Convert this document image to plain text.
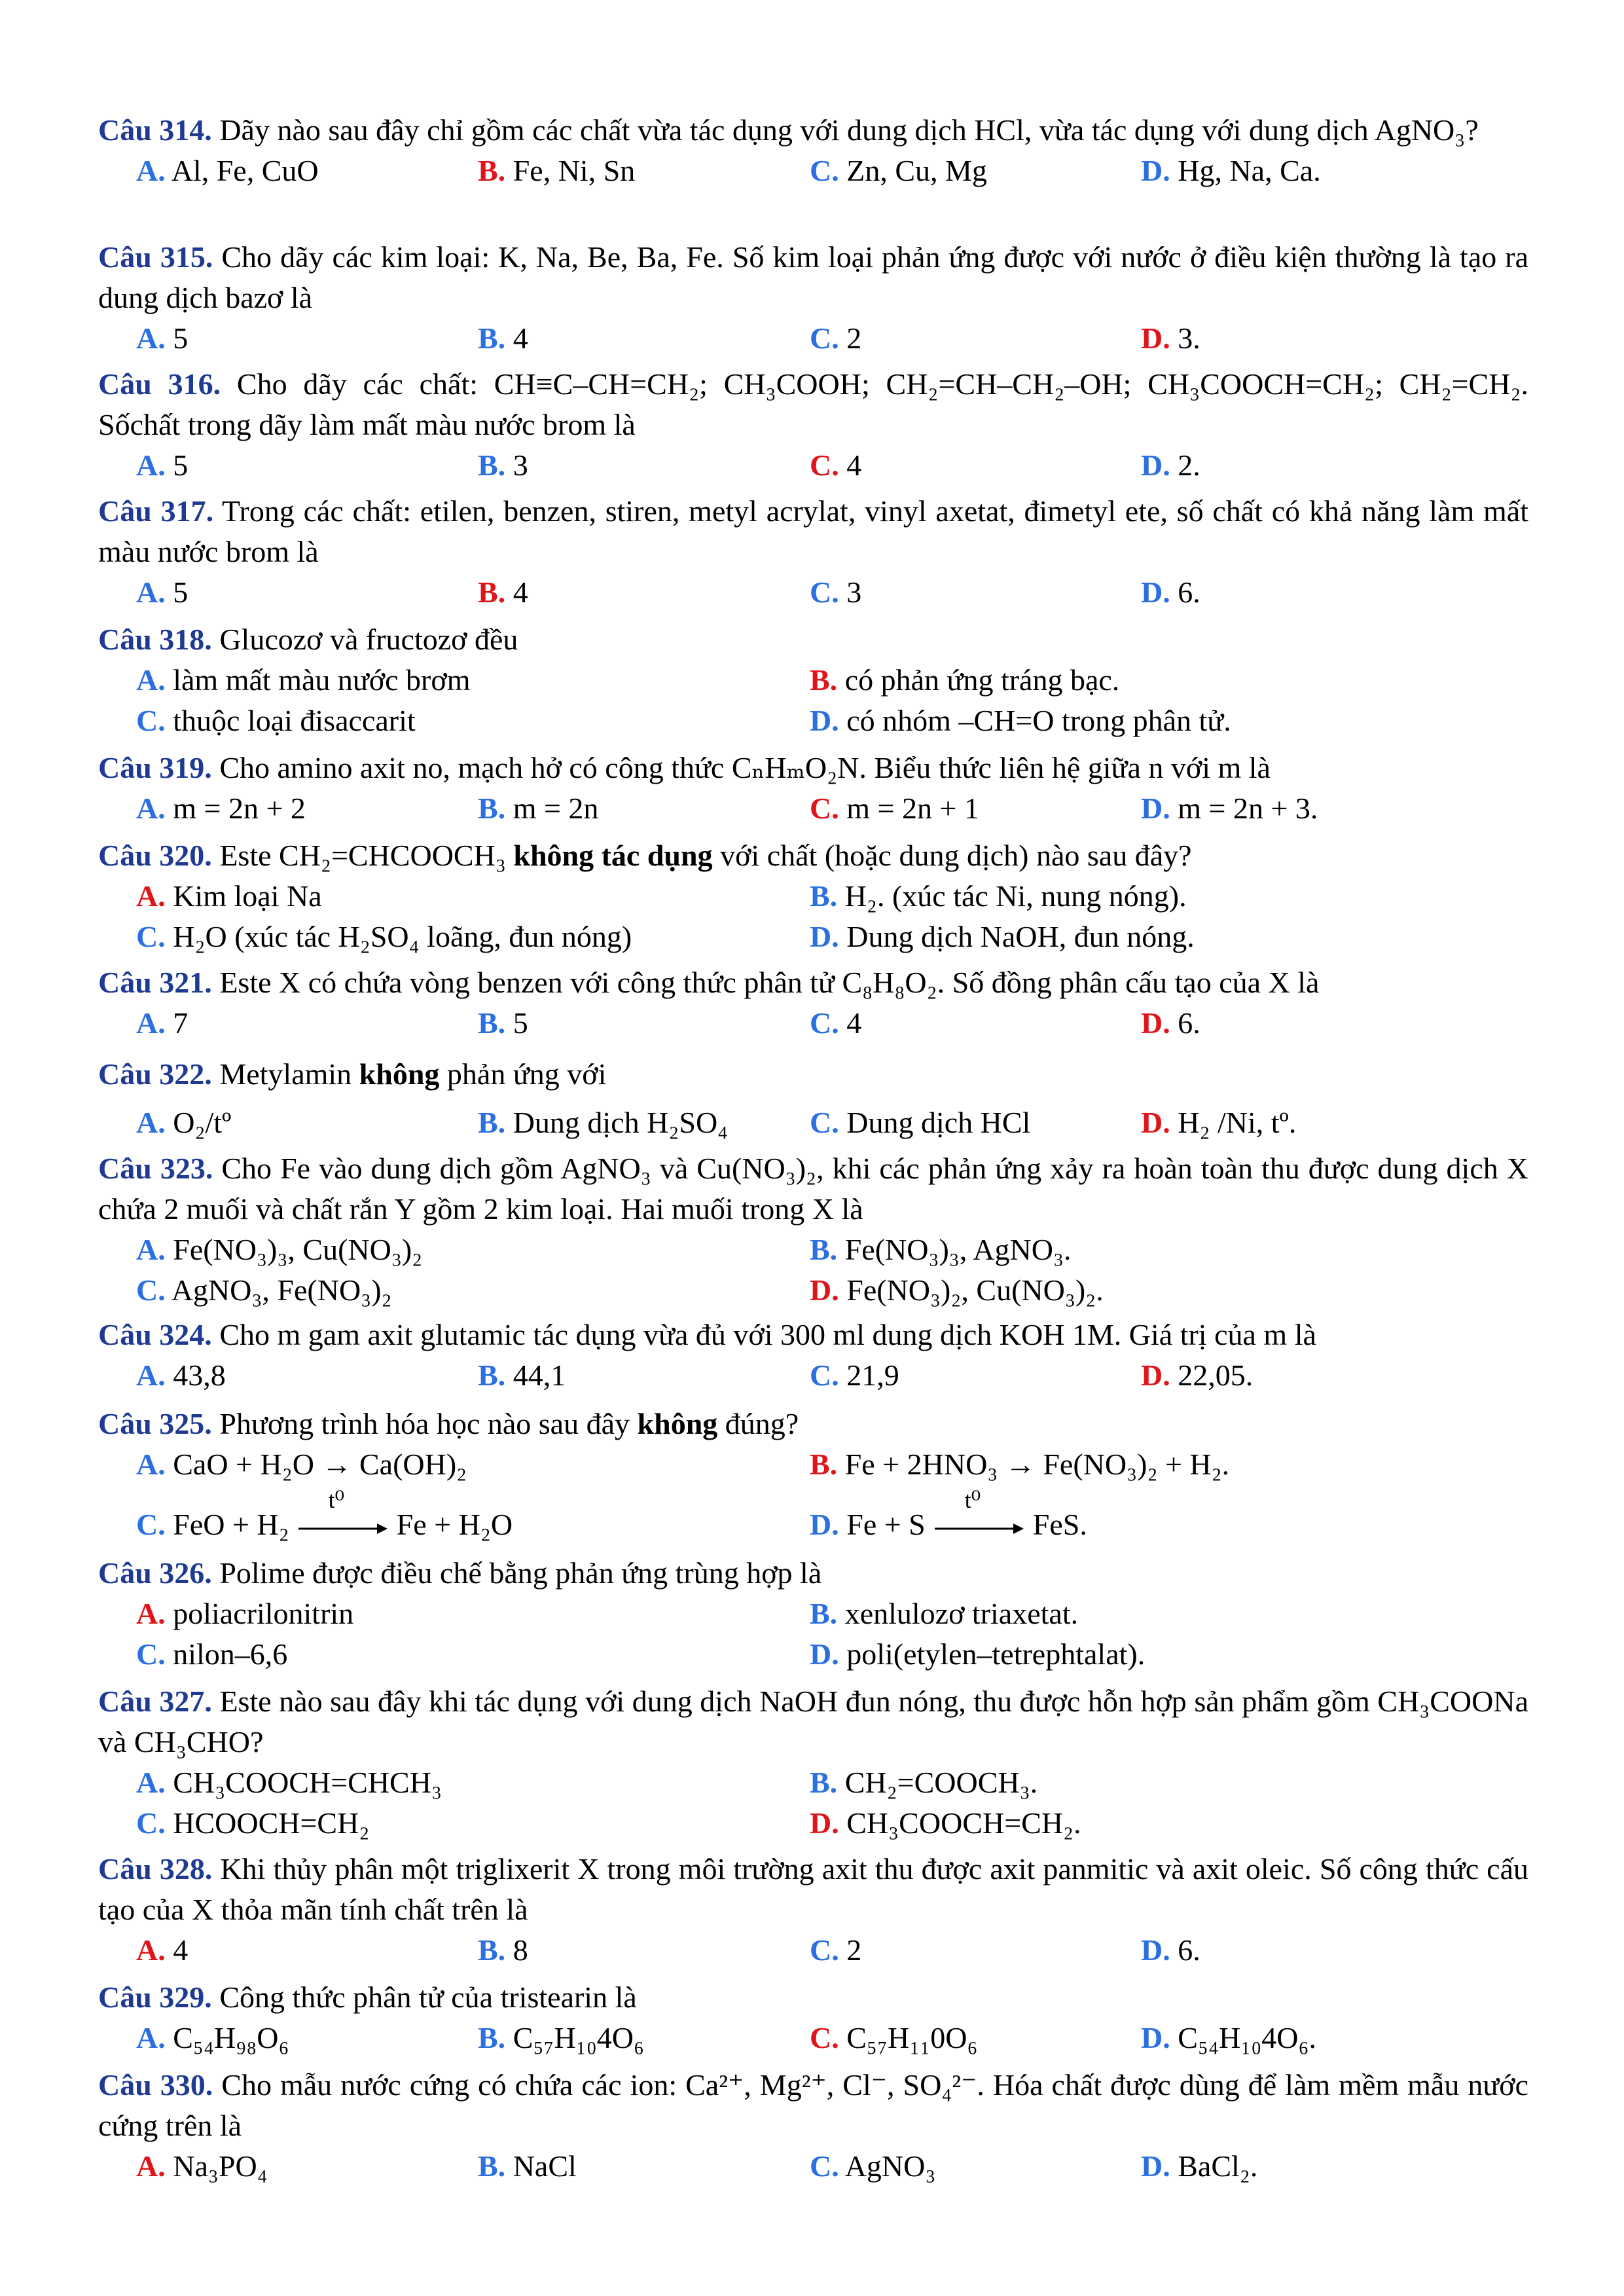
Câu 314. Dãy nào sau đây chỉ gồm các chất vừa tác dụng với dung dịch HCl, vừa tác dụng với dung dịch AgNO₃?
A. Al, Fe, CuO	B. Fe, Ni, Sn	C. Zn, Cu, Mg	D. Hg, Na, Ca.
Câu 315. Cho dãy các kim loại: K, Na, Be, Ba, Fe. Số kim loại phản ứng được với nước ở điều kiện thường là tạo ra dung dịch bazơ là
A. 5	B. 4	C. 2	D. 3.
Câu 316. Cho dãy các chất: CH≡C–CH=CH₂; CH₃COOH; CH₂=CH–CH₂–OH; CH₃COOCH=CH₂; CH₂=CH₂. Sốchất trong dãy làm mất màu nước brom là
A. 5	B. 3	C. 4	D. 2.
Câu 317. Trong các chất: etilen, benzen, stiren, metyl acrylat, vinyl axetat, đimetyl ete, số chất có khả năng làm mất màu nước brom là
A. 5	B. 4	C. 3	D. 6.
Câu 318. Glucozơ và fructozơ đều
A. làm mất màu nước brơm	B. có phản ứng tráng bạc.
C. thuộc loại đisaccarit	D. có nhóm –CH=O trong phân tử.
Câu 319. Cho amino axit no, mạch hở có công thức CₙHₘO₂N. Biểu thức liên hệ giữa n với m là
A. m = 2n + 2	B. m = 2n	C. m = 2n + 1	D. m = 2n + 3.
Câu 320. Este CH₂=CHCOOCH₃ không tác dụng với chất (hoặc dung dịch) nào sau đây?
A. Kim loại Na	B. H₂. (xúc tác Ni, nung nóng).
C. H₂O (xúc tác H₂SO₄ loãng, đun nóng)	D. Dung dịch NaOH, đun nóng.
Câu 321. Este X có chứa vòng benzen với công thức phân tử C₈H₈O₂. Số đồng phân cấu tạo của X là
A. 7	B. 5	C. 4	D. 6.
Câu 322. Metylamin không phản ứng với
A. O₂/tº	B. Dung dịch H₂SO₄	C. Dung dịch HCl	D. H₂ /Ni, tº.
Câu 323. Cho Fe vào dung dịch gồm AgNO₃ và Cu(NO₃)₂, khi các phản ứng xảy ra hoàn toàn thu được dung dịch X chứa 2 muối và chất rắn Y gồm 2 kim loại. Hai muối trong X là
A. Fe(NO₃)₃, Cu(NO₃)₂	B. Fe(NO₃)₃, AgNO₃.
C. AgNO₃, Fe(NO₃)₂	D. Fe(NO₃)₂, Cu(NO₃)₂.
Câu 324. Cho m gam axit glutamic tác dụng vừa đủ với 300 ml dung dịch KOH 1M. Giá trị của m là
A. 43,8	B. 44,1	C. 21,9	D. 22,05.
Câu 325. Phương trình hóa học nào sau đây không đúng?
A. CaO + H₂O → Ca(OH)₂	B. Fe + 2HNO₃ → Fe(NO₃)₂ + H₂.
C. FeO + H₂
t⁰
Fe + H₂O	D. Fe + S
t⁰
FeS.
Câu 326. Polime được điều chế bằng phản ứng trùng hợp là
A. poliacrilonitrin	B. xenlulozơ triaxetat.
C. nilon–6,6	D. poli(etylen–tetrephtalat).
Câu 327. Este nào sau đây khi tác dụng với dung dịch NaOH đun nóng, thu được hỗn hợp sản phẩm gồm CH₃COONa và CH₃CHO?
A. CH₃COOCH=CHCH₃	B. CH₂=COOCH₃.
C. HCOOCH=CH₂	D. CH₃COOCH=CH₂.
Câu 328. Khi thủy phân một triglixerit X trong môi trường axit thu được axit panmitic và axit oleic. Số công thức cấu tạo của X thỏa mãn tính chất trên là
A. 4	B. 8	C. 2	D. 6.
Câu 329. Công thức phân tử của tristearin là
A. C₅₄H₉₈O₆	B. C₅₇H₁₀4O₆	C. C₅₇H₁₁0O₆	D. C₅₄H₁₀4O₆.
Câu 330. Cho mẫu nước cứng có chứa các ion: Ca²⁺, Mg²⁺, Cl⁻, SO₄²⁻. Hóa chất được dùng để làm mềm mẫu nước cứng trên là
A. Na₃PO₄	B. NaCl	C. AgNO₃	D. BaCl₂.
